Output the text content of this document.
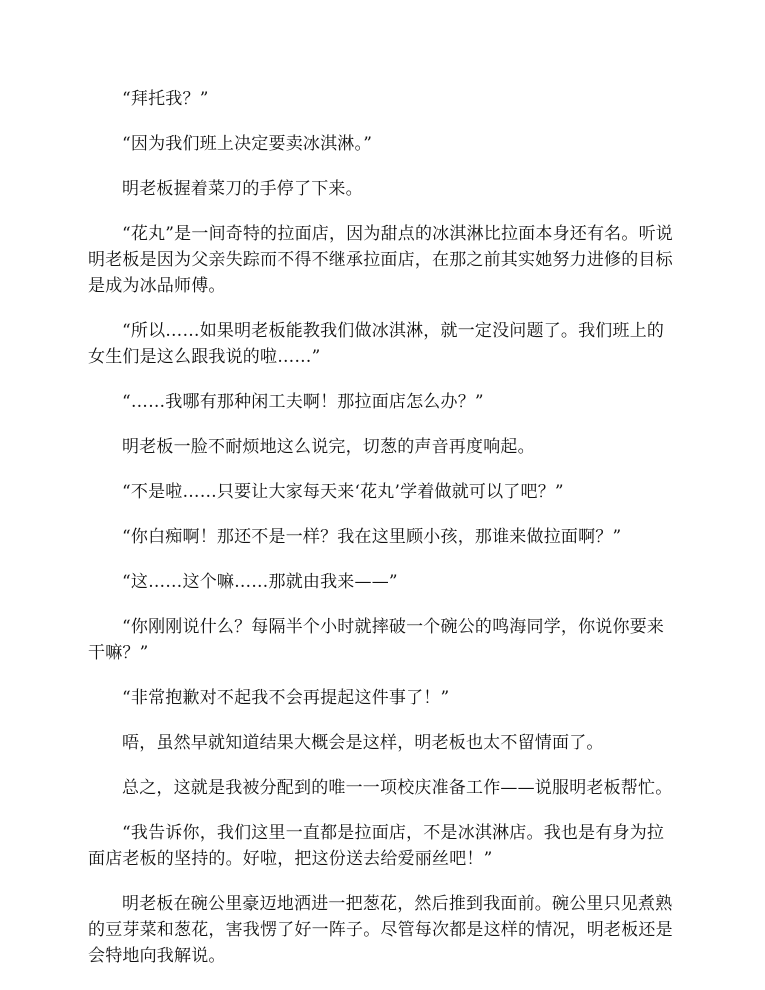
“拜托我？”

“因为我们班上决定要卖冰淇淋。”

明老板握着菜刀的手停了下来。

“花丸”是一间奇特的拉面店，因为甜点的冰淇淋比拉面本身还有名。听说明老板是因为父亲失踪而不得不继承拉面店，在那之前其实她努力进修的目标是成为冰品师傅。

“所以……如果明老板能教我们做冰淇淋，就一定没问题了。我们班上的女生们是这么跟我说的啦……”

“……我哪有那种闲工夫啊！那拉面店怎么办？”

明老板一脸不耐烦地这么说完，切葱的声音再度响起。

“不是啦……只要让大家每天来‘花丸’学着做就可以了吧？”

“你白痴啊！那还不是一样？我在这里顾小孩，那谁来做拉面啊？”

“这……这个嘛……那就由我来——”

“你刚刚说什么？每隔半个小时就摔破一个碗公的鸣海同学，你说你要来干嘛？”

“非常抱歉对不起我不会再提起这件事了！”

唔，虽然早就知道结果大概会是这样，明老板也太不留情面了。

总之，这就是我被分配到的唯一一项校庆准备工作——说服明老板帮忙。

“我告诉你，我们这里一直都是拉面店，不是冰淇淋店。我也是有身为拉面店老板的坚持的。好啦，把这份送去给爱丽丝吧！”

明老板在碗公里豪迈地洒进一把葱花，然后推到我面前。碗公里只见煮熟的豆芽菜和葱花，害我愣了好一阵子。尽管每次都是这样的情况，明老板还是会特地向我解说。
